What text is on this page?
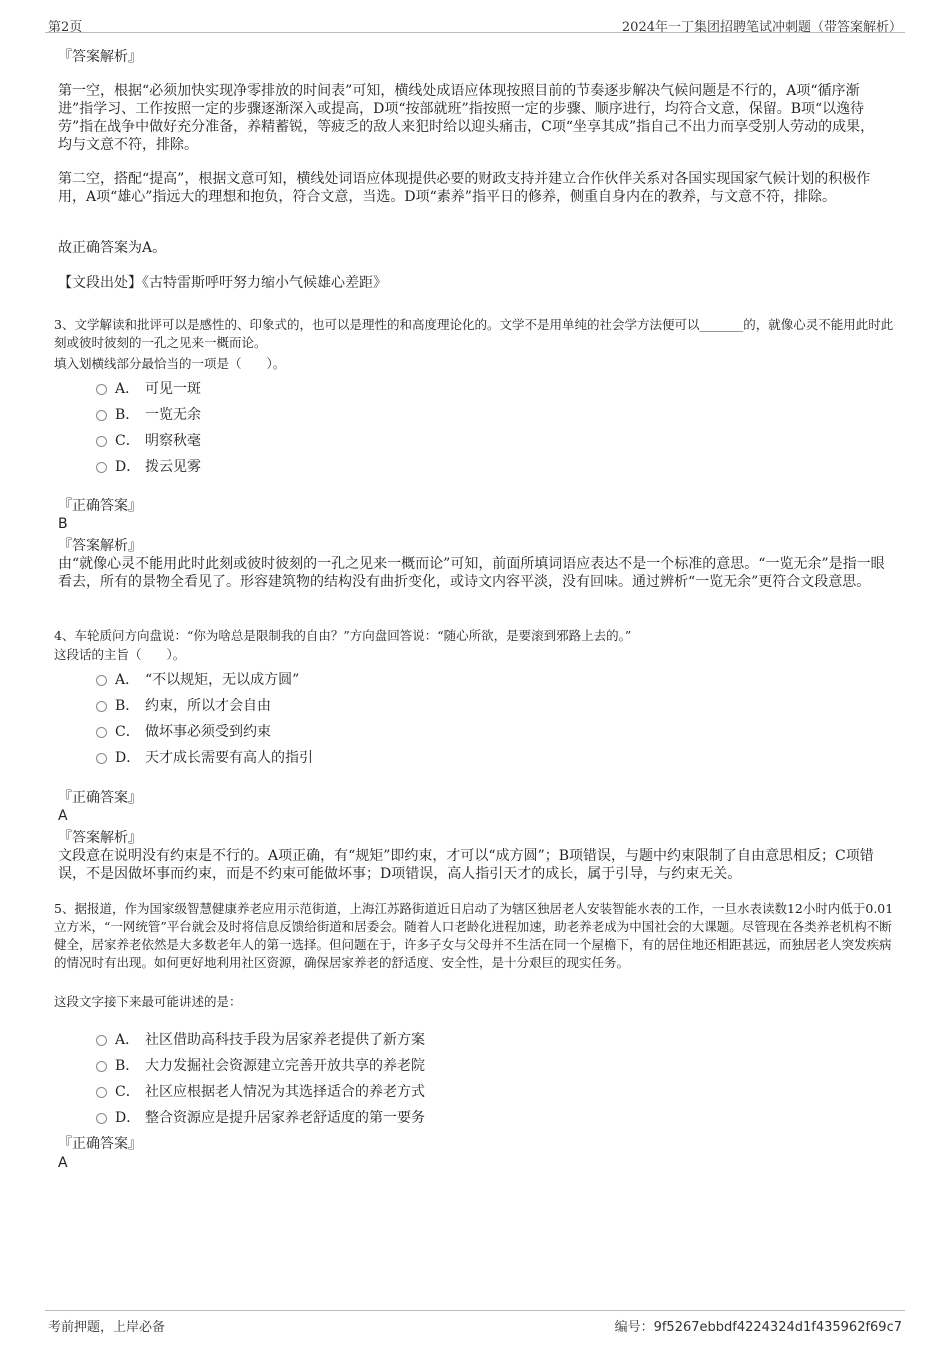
第2页	2024年一丁集团招聘笔试冲刺题（带答案解析）
『答案解析』
第一空，根据“必须加快实现净零排放的时间表”可知，横线处成语应体现按照目前的节奏逐步解决气候问题是不行的，A项“循序渐进”指学习、工作按照一定的步骤逐渐深入或提高，D项“按部就班”指按照一定的步骤、顺序进行，均符合文意，保留。B项“以逸待劳”指在战争中做好充分准备，养精蓄锐，等疲乏的敌人来犯时给以迎头痛击，C项“坐享其成”指自己不出力而享受别人劳动的成果，均与文意不符，排除。
第二空，搭配“提高”，根据文意可知，横线处词语应体现提供必要的财政支持并建立合作伙伴关系对各国实现国家气候计划的积极作用，A项“雄心”指远大的理想和抱负，符合文意，当选。D项“素养”指平日的修养，侧重自身内在的教养，与文意不符，排除。
故正确答案为A。
【文段出处】《古特雷斯呼吁努力缩小气候雄心差距》
3、文学解读和批评可以是感性的、印象式的，也可以是理性的和高度理论化的。文学不是用单纯的社会学方法便可以_______的，就像心灵不能用此时此刻或彼时彼刻的一孔之见来一概而论。
填入划横线部分最恰当的一项是（　　）。
A． 可见一斑
B． 一览无余
C． 明察秋毫
D． 拨云见雾
『正确答案』
B
『答案解析』
由“就像心灵不能用此时此刻或彼时彼刻的一孔之见来一概而论”可知，前面所填词语应表达不是一个标准的意思。“一览无余”是指一眼看去，所有的景物全看见了。形容建筑物的结构没有曲折变化，或诗文内容平淡，没有回味。通过辨析“一览无余”更符合文段意思。
4、车轮质问方向盘说：“你为啥总是限制我的自由？”方向盘回答说：“随心所欲，是要滚到邪路上去的。”
这段话的主旨（　　）。
A． “不以规矩，无以成方圆”
B． 约束，所以才会自由
C． 做坏事必须受到约束
D． 天才成长需要有高人的指引
『正确答案』
A
『答案解析』
文段意在说明没有约束是不行的。A项正确，有“规矩”即约束，才可以“成方圆”；B项错误，与题中约束限制了自由意思相反；C项错误，不是因做坏事而约束，而是不约束可能做坏事；D项错误，高人指引天才的成长，属于引导，与约束无关。
5、据报道，作为国家级智慧健康养老应用示范街道，上海江苏路街道近日启动了为辖区独居老人安装智能水表的工作，一旦水表读数12小时内低于0.01立方米，“一网统管”平台就会及时将信息反馈给街道和居委会。随着人口老龄化进程加速，助老养老成为中国社会的大课题。尽管现在各类养老机构不断健全，居家养老依然是大多数老年人的第一选择。但问题在于，许多子女与父母并不生活在同一个屋檐下，有的居住地还相距甚远，而独居老人突发疾病的情况时有出现。如何更好地利用社区资源，确保居家养老的舒适度、安全性，是十分艰巨的现实任务。
这段文字接下来最可能讲述的是：
A． 社区借助高科技手段为居家养老提供了新方案
B． 大力发掘社会资源建立完善开放共享的养老院
C． 社区应根据老人情况为其选择适合的养老方式
D． 整合资源应是提升居家养老舒适度的第一要务
『正确答案』
A
考前押题，上岸必备	编号：9f5267ebbdf4224324d1f435962f69c7
